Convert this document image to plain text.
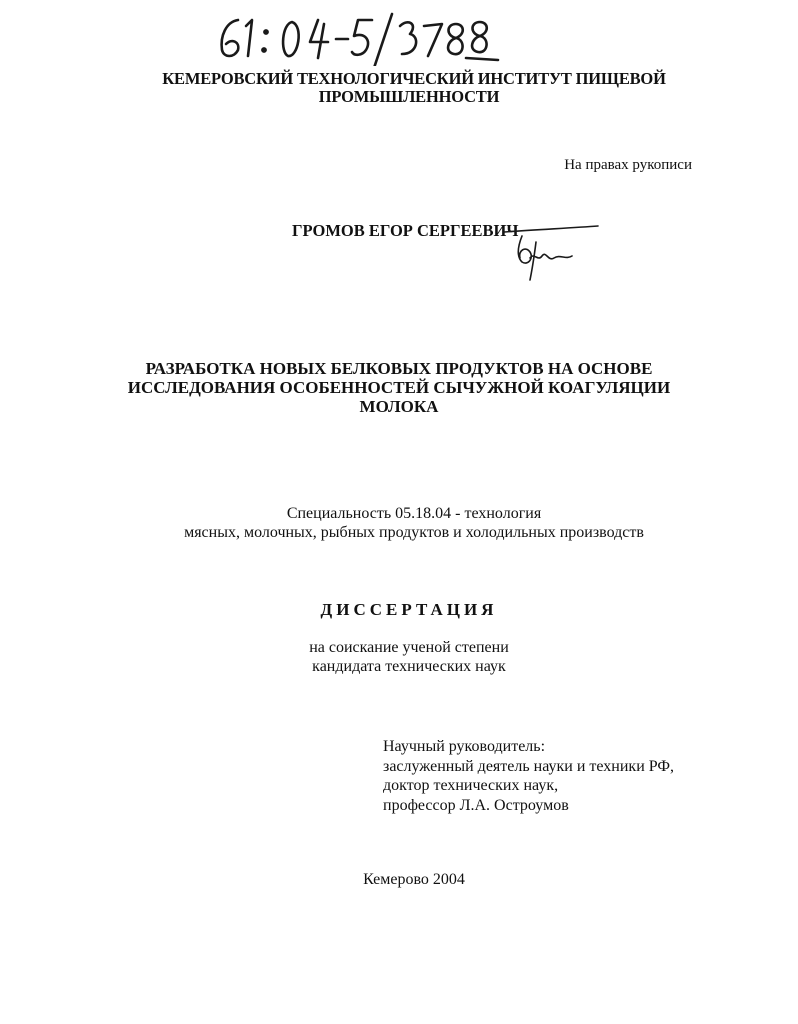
КЕМЕРОВСКИЙ ТЕХНОЛОГИЧЕСКИЙ ИНСТИТУТ ПИЩЕВОЙ
ПРОМЫШЛЕННОСТИ
На правах рукописи
ГРОМОВ ЕГОР СЕРГЕЕВИЧ
РАЗРАБОТКА НОВЫХ БЕЛКОВЫХ ПРОДУКТОВ НА ОСНОВЕ
ИССЛЕДОВАНИЯ ОСОБЕННОСТЕЙ СЫЧУЖНОЙ КОАГУЛЯЦИИ
МОЛОКА
Специальность 05.18.04 - технология
мясных, молочных, рыбных продуктов и холодильных производств
ДИССЕРТАЦИЯ
на соискание ученой степени
кандидата технических наук
Научный руководитель:
заслуженный деятель науки и техники РФ,
доктор технических наук,
профессор Л.А. Остроумов
Кемерово 2004
